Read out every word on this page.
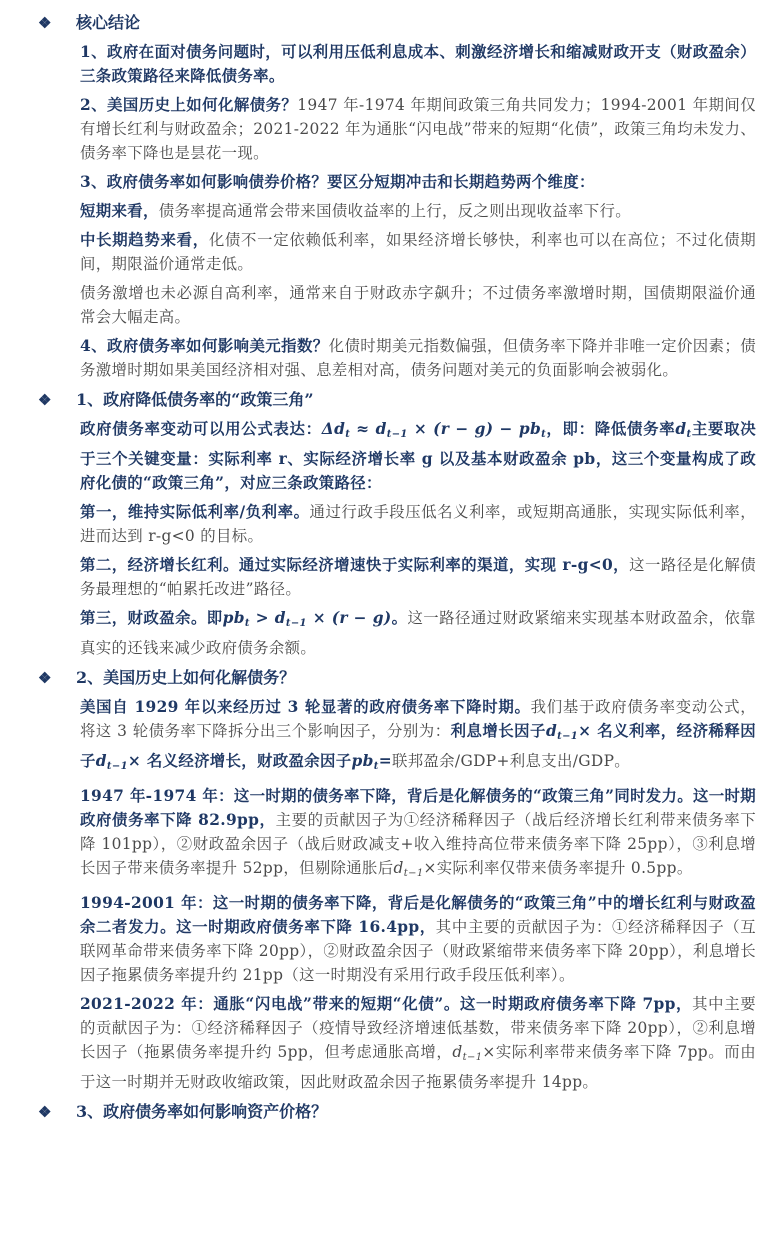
❖	核心结论

1、政府在面对债务问题时，可以利用压低利息成本、刺激经济增长和缩减财政开支（财政盈余）三条政策路径来降低债务率。

2、美国历史上如何化解债务？1947 年-1974 年期间政策三角共同发力；1994-2001 年期间仅有增长红利与财政盈余；2021-2022 年为通胀“闪电战”带来的短期“化债”，政策三角均未发力、债务率下降也是昙花一现。

3、政府债务率如何影响债券价格？要区分短期冲击和长期趋势两个维度：

短期来看，债务率提高通常会带来国债收益率的上行，反之则出现收益率下行。

中长期趋势来看，化债不一定依赖低利率，如果经济增长够快，利率也可以在高位；不过化债期间，期限溢价通常走低。

债务激增也未必源自高利率，通常来自于财政赤字飙升；不过债务率激增时期，国债期限溢价通常会大幅走高。

4、政府债务率如何影响美元指数？化债时期美元指数偏强，但债务率下降并非唯一定价因素；债务激增时期如果美国经济相对强、息差相对高，债务问题对美元的负面影响会被弱化。

❖	1、政府降低债务率的“政策三角”

政府债务率变动可以用公式表达：$\Delta d_t \approx d_{t-1} \times (r - g) - pb_t$，即：降低债务率$d_t$主要取决于三个关键变量：实际利率 r、实际经济增长率 g 以及基本财政盈余 pb，这三个变量构成了政府化债的“政策三角”，对应三条政策路径：

第一，维持实际低利率/负利率。通过行政手段压低名义利率，或短期高通胀，实现实际低利率，进而达到 r-g<0 的目标。

第二，经济增长红利。通过实际经济增速快于实际利率的渠道，实现 r-g<0，这一路径是化解债务最理想的“帕累托改进”路径。

第三，财政盈余。即$pb_t > d_{t-1} \times (r - g)$。这一路径通过财政紧缩来实现基本财政盈余，依靠真实的还钱来减少政府债务余额。

❖	2、美国历史上如何化解债务？

美国自 1929 年以来经历过 3 轮显著的政府债务率下降时期。我们基于政府债务率变动公式，将这 3 轮债务率下降拆分出三个影响因子，分别为：利息增长因子$d_{t-1}\times$ 名义利率，经济稀释因子$d_{t-1}\times$ 名义经济增长，财政盈余因子$pb_t=$联邦盈余/GDP+利息支出/GDP。

1947 年-1974 年：这一时期的债务率下降，背后是化解债务的“政策三角”同时发力。这一时期政府债务率下降 82.9pp，主要的贡献因子为①经济稀释因子（战后经济增长红利带来债务率下降 101pp），②财政盈余因子（战后财政减支+收入维持高位带来债务率下降 25pp），③利息增长因子带来债务率提升 52pp，但剔除通胀后$d_{t-1}\times$实际利率仅带来债务率提升 0.5pp。

1994-2001 年：这一时期的债务率下降，背后是化解债务的“政策三角”中的增长红利与财政盈余二者发力。这一时期政府债务率下降 16.4pp，其中主要的贡献因子为：①经济稀释因子（互联网革命带来债务率下降 20pp），②财政盈余因子（财政紧缩带来债务率下降 20pp），利息增长因子拖累债务率提升约 21pp（这一时期没有采用行政手段压低利率）。

2021-2022 年：通胀“闪电战”带来的短期“化债”。这一时期政府债务率下降 7pp，其中主要的贡献因子为：①经济稀释因子（疫情导致经济增速低基数，带来债务率下降 20pp），②利息增长因子（拖累债务率提升约 5pp，但考虑通胀高增，$d_{t-1}\times$实际利率带来债务率下降 7pp。而由于这一时期并无财政收缩政策，因此财政盈余因子拖累债务率提升 14pp。

❖	3、政府债务率如何影响资产价格？
